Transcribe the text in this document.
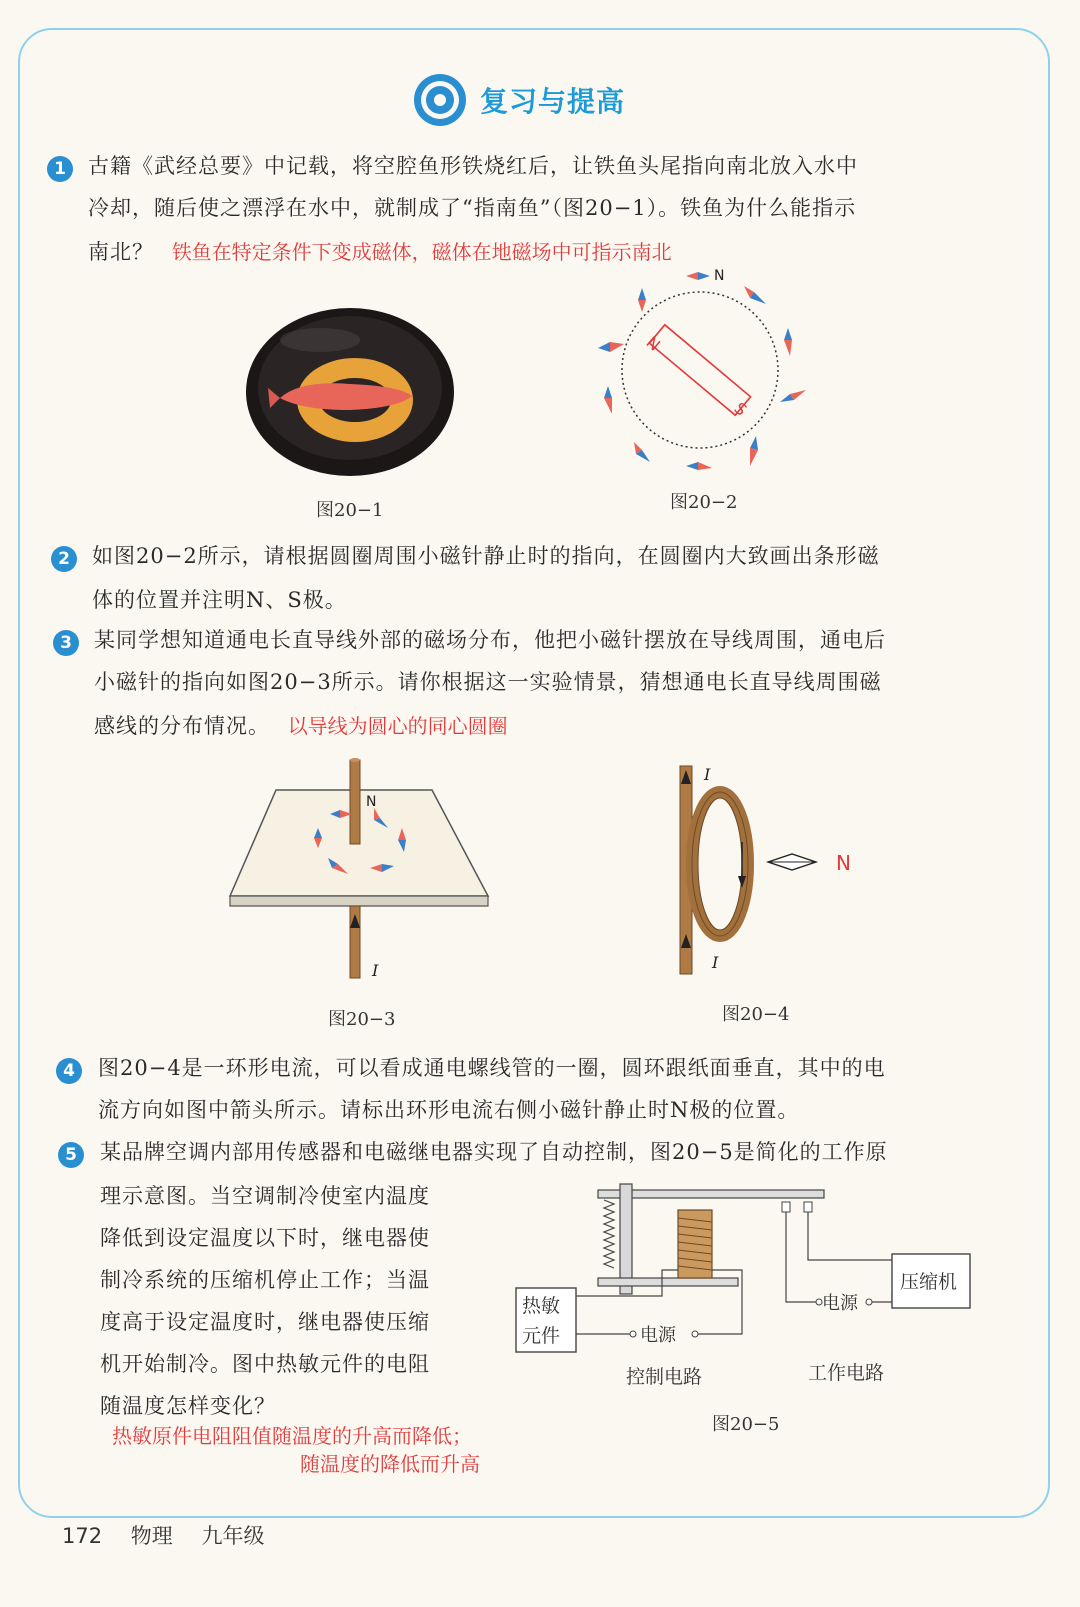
复习与提高
1	古籍《武经总要》中记载，将空腔鱼形铁烧红后，让铁鱼头尾指向南北放入水中
冷却，随后使之漂浮在水中，就制成了“指南鱼”（图20−1）。铁鱼为什么能指示
南北？ 铁鱼在特定条件下变成磁体，磁体在地磁场中可指示南北
图20−1
N
S
N
图20−2
2	如图20−2所示，请根据圆圈周围小磁针静止时的指向，在圆圈内大致画出条形磁
体的位置并注明N、S极。
3	某同学想知道通电长直导线外部的磁场分布，他把小磁针摆放在导线周围，通电后
小磁针的指向如图20−3所示。请你根据这一实验情景，猜想通电长直导线周围磁
感线的分布情况。 以导线为圆心的同心圆圈
N
I
图20−3
I
I
N
图20−4
4	图20−4是一环形电流，可以看成通电螺线管的一圈，圆环跟纸面垂直，其中的电
流方向如图中箭头所示。请标出环形电流右侧小磁针静止时N极的位置。
5	某品牌空调内部用传感器和电磁继电器实现了自动控制，图20−5是简化的工作原
理示意图。当空调制冷使室内温度
降低到设定温度以下时，继电器使
制冷系统的压缩机停止工作；当温
度高于设定温度时，继电器使压缩
机开始制冷。图中热敏元件的电阻
随温度怎样变化？
热敏原件电阻阻值随温度的升高而降低；
随温度的降低而升高
热敏
元件	电源
电源
压缩机
控制电路	工作电路
图20−5
172 物理 九年级
